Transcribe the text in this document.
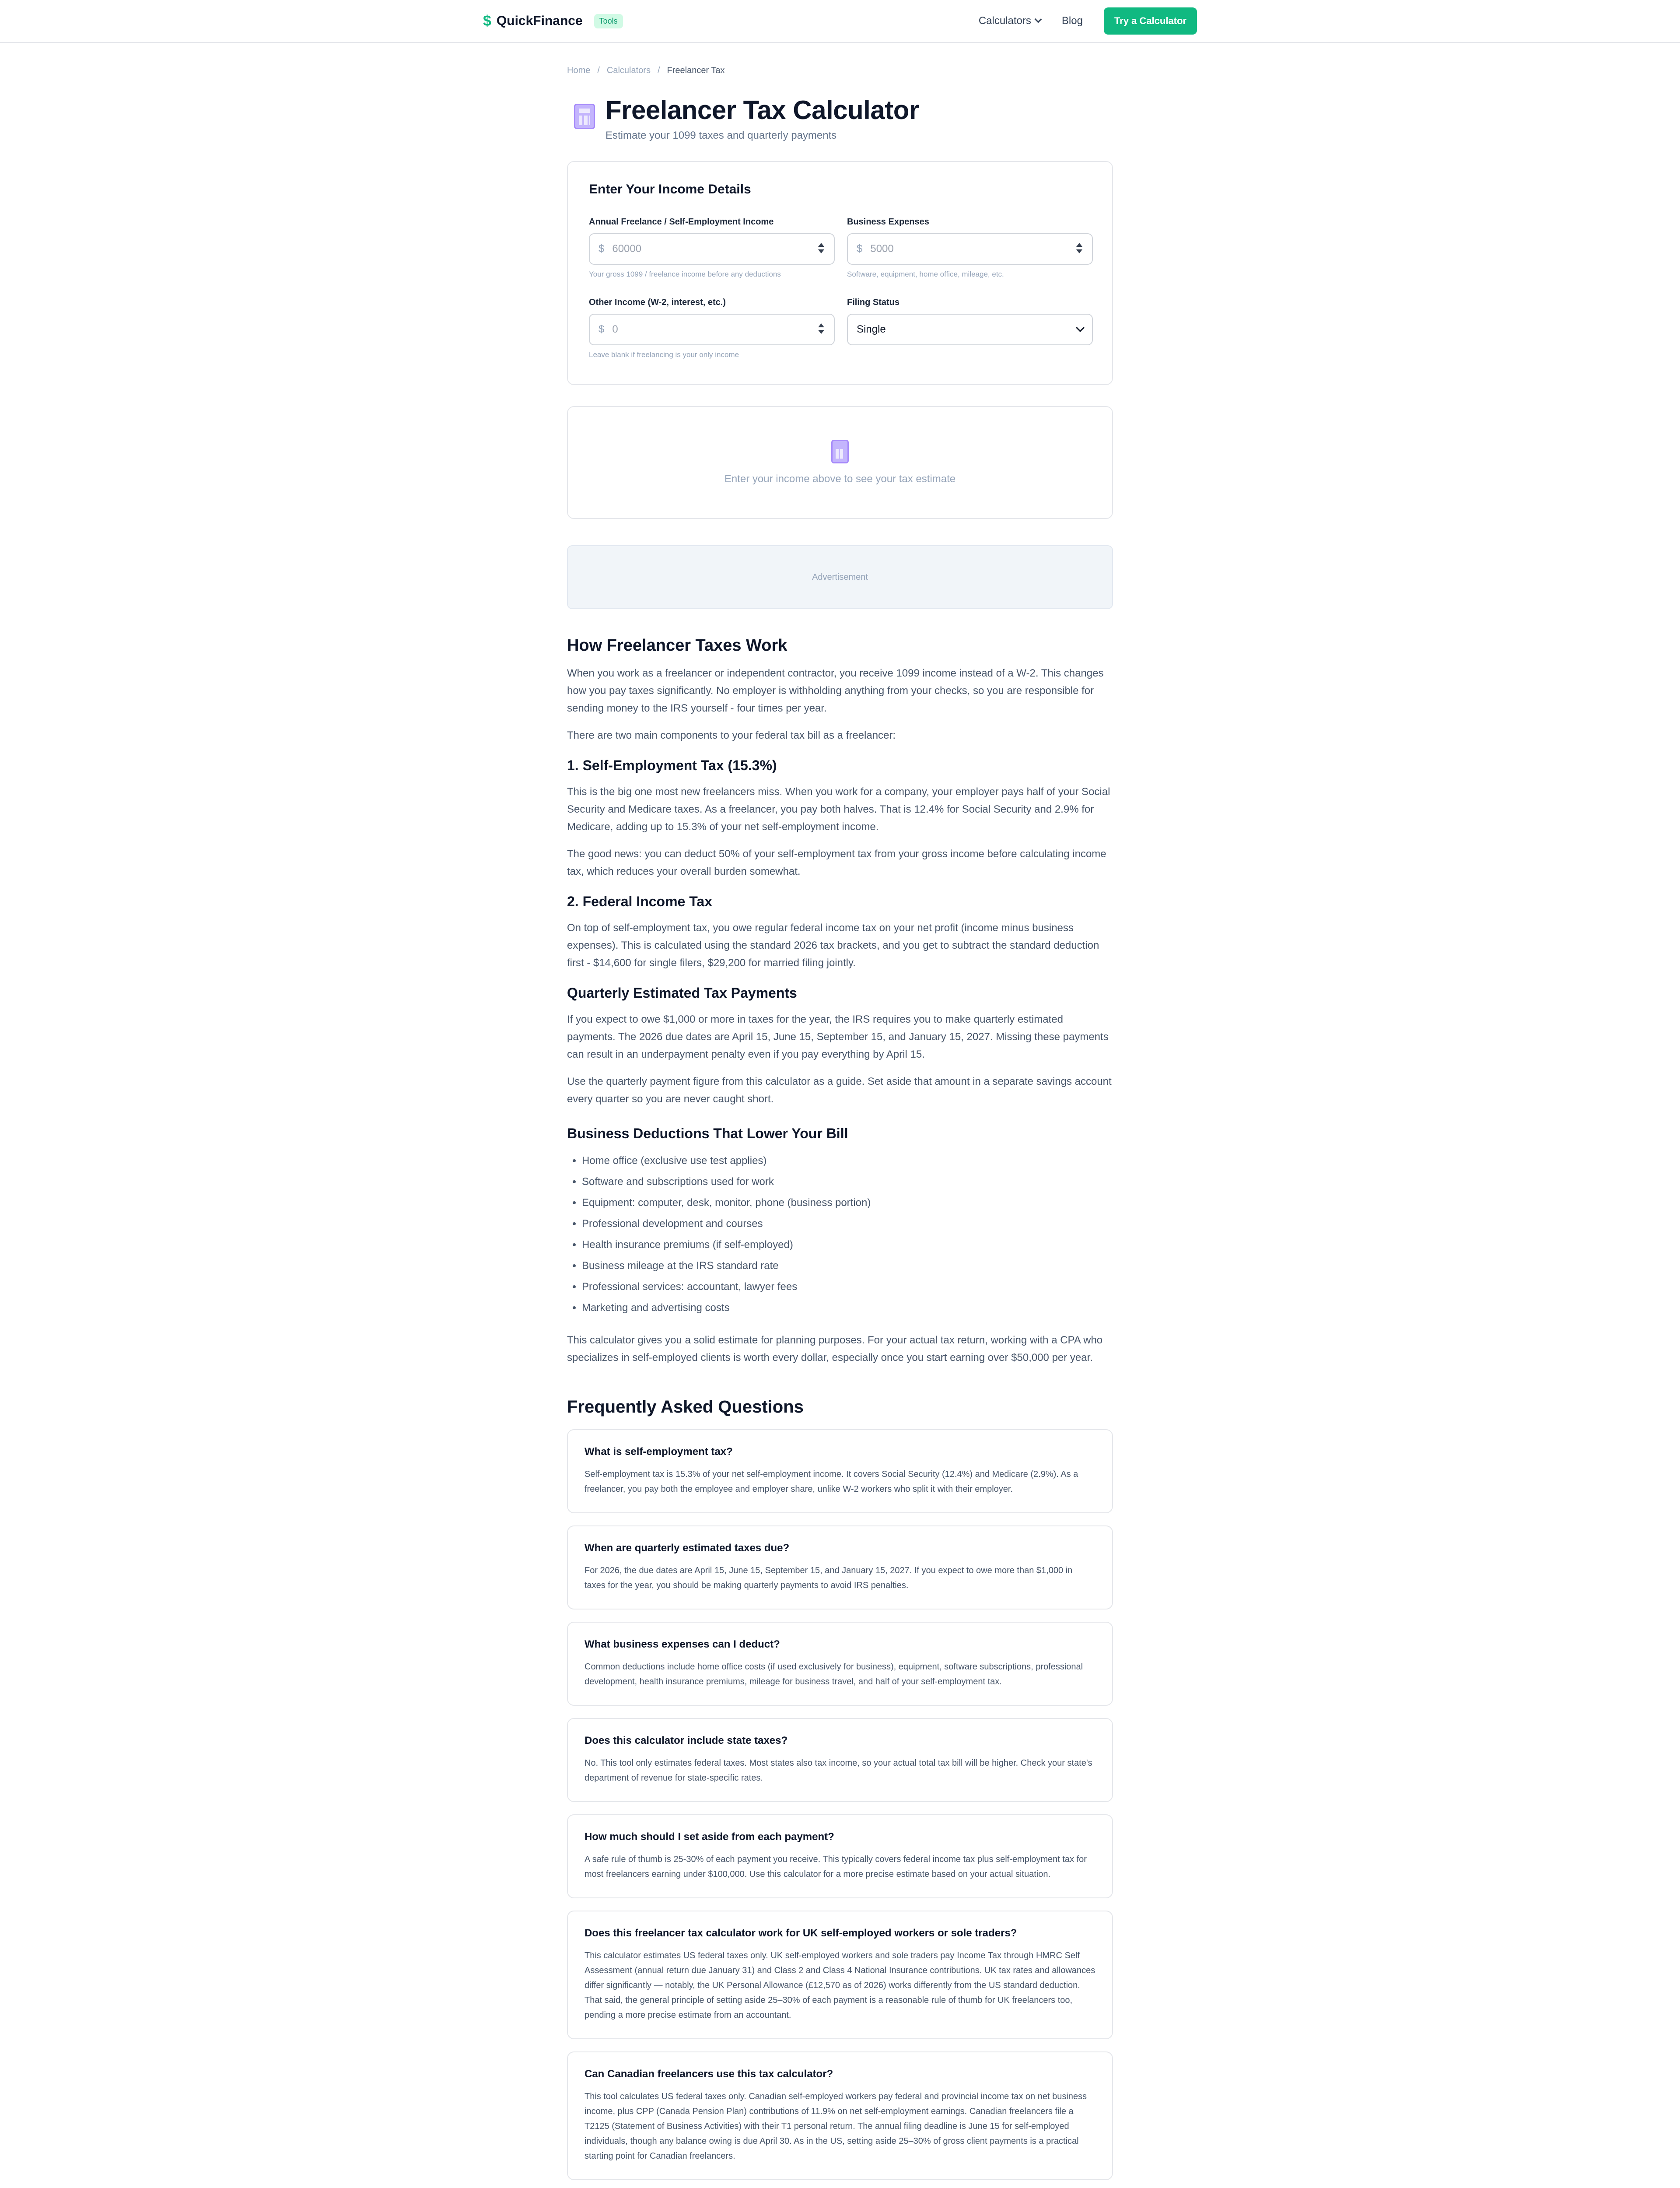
$ QuickFinance	Tools	Calculators	Blog	Try a Calculator
Home / Calculators / Freelancer Tax
Freelancer Tax Calculator
Estimate your 1099 taxes and quarterly payments
Enter Your Income Details
Annual Freelance / Self-Employment Income
$ 60000
Your gross 1099 / freelance income before any deductions
Business Expenses
$ 5000
Software, equipment, home office, mileage, etc.
Other Income (W-2, interest, etc.)
$ 0
Leave blank if freelancing is your only income
Filing Status
Single
Enter your income above to see your tax estimate
Advertisement
How Freelancer Taxes Work

When you work as a freelancer or independent contractor, you receive 1099 income instead of a W-2. This changes how you pay taxes significantly. No employer is withholding anything from your checks, so you are responsible for sending money to the IRS yourself - four times per year.

There are two main components to your federal tax bill as a freelancer:

1. Self-Employment Tax (15.3%)

This is the big one most new freelancers miss. When you work for a company, your employer pays half of your Social Security and Medicare taxes. As a freelancer, you pay both halves. That is 12.4% for Social Security and 2.9% for Medicare, adding up to 15.3% of your net self-employment income.

The good news: you can deduct 50% of your self-employment tax from your gross income before calculating income tax, which reduces your overall burden somewhat.

2. Federal Income Tax

On top of self-employment tax, you owe regular federal income tax on your net profit (income minus business expenses). This is calculated using the standard 2026 tax brackets, and you get to subtract the standard deduction first - $14,600 for single filers, $29,200 for married filing jointly.

Quarterly Estimated Tax Payments

If you expect to owe $1,000 or more in taxes for the year, the IRS requires you to make quarterly estimated payments. The 2026 due dates are April 15, June 15, September 15, and January 15, 2027. Missing these payments can result in an underpayment penalty even if you pay everything by April 15.

Use the quarterly payment figure from this calculator as a guide. Set aside that amount in a separate savings account every quarter so you are never caught short.

Business Deductions That Lower Your Bill
• Home office (exclusive use test applies)
• Software and subscriptions used for work
• Equipment: computer, desk, monitor, phone (business portion)
• Professional development and courses
• Health insurance premiums (if self-employed)
• Business mileage at the IRS standard rate
• Professional services: accountant, lawyer fees
• Marketing and advertising costs

This calculator gives you a solid estimate for planning purposes. For your actual tax return, working with a CPA who specializes in self-employed clients is worth every dollar, especially once you start earning over $50,000 per year.

Frequently Asked Questions
What is self-employment tax?
Self-employment tax is 15.3% of your net self-employment income. It covers Social Security (12.4%) and Medicare (2.9%). As a freelancer, you pay both the employee and employer share, unlike W-2 workers who split it with their employer.
When are quarterly estimated taxes due?
For 2026, the due dates are April 15, June 15, September 15, and January 15, 2027. If you expect to owe more than $1,000 in taxes for the year, you should be making quarterly payments to avoid IRS penalties.
What business expenses can I deduct?
Common deductions include home office costs (if used exclusively for business), equipment, software subscriptions, professional development, health insurance premiums, mileage for business travel, and half of your self-employment tax.
Does this calculator include state taxes?
No. This tool only estimates federal taxes. Most states also tax income, so your actual total tax bill will be higher. Check your state's department of revenue for state-specific rates.
How much should I set aside from each payment?
A safe rule of thumb is 25-30% of each payment you receive. This typically covers federal income tax plus self-employment tax for most freelancers earning under $100,000. Use this calculator for a more precise estimate based on your actual situation.
Does this freelancer tax calculator work for UK self-employed workers or sole traders?
This calculator estimates US federal taxes only. UK self-employed workers and sole traders pay Income Tax through HMRC Self Assessment (annual return due January 31) and Class 2 and Class 4 National Insurance contributions. UK tax rates and allowances differ significantly — notably, the UK Personal Allowance (£12,570 as of 2026) works differently from the US standard deduction. That said, the general principle of setting aside 25–30% of each payment is a reasonable rule of thumb for UK freelancers too, pending a more precise estimate from an accountant.
Can Canadian freelancers use this tax calculator?
This tool calculates US federal taxes only. Canadian self-employed workers pay federal and provincial income tax on net business income, plus CPP (Canada Pension Plan) contributions of 11.9% on net self-employment earnings. Canadian freelancers file a T2125 (Statement of Business Activities) with their T1 personal return. The annual filing deadline is June 15 for self-employed individuals, though any balance owing is due April 30. As in the US, setting aside 25–30% of gross client payments is a practical starting point for Canadian freelancers.
